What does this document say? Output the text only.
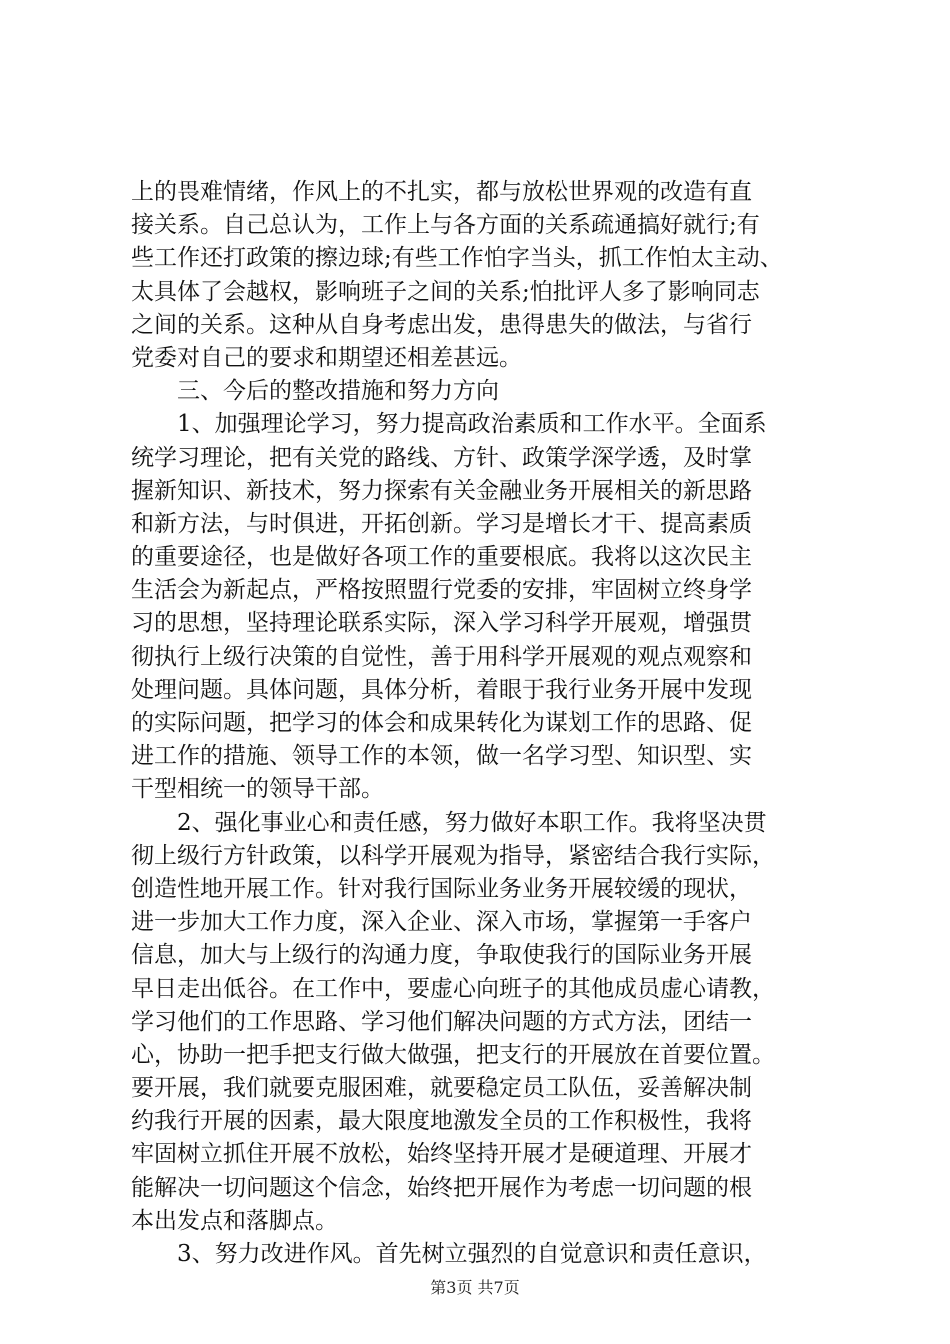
上的畏难情绪，作风上的不扎实，都与放松世界观的改造有直
接关系。自己总认为，工作上与各方面的关系疏通搞好就行;有
些工作还打政策的擦边球;有些工作怕字当头，抓工作怕太主动、
太具体了会越权，影响班子之间的关系;怕批评人多了影响同志
之间的关系。这种从自身考虑出发，患得患失的做法，与省行
党委对自己的要求和期望还相差甚远。
三、今后的整改措施和努力方向
1、加强理论学习，努力提高政治素质和工作水平。全面系
统学习理论，把有关党的路线、方针、政策学深学透，及时掌
握新知识、新技术，努力探索有关金融业务开展相关的新思路
和新方法，与时俱进，开拓创新。学习是增长才干、提高素质
的重要途径，也是做好各项工作的重要根底。我将以这次民主
生活会为新起点，严格按照盟行党委的安排，牢固树立终身学
习的思想，坚持理论联系实际，深入学习科学开展观，增强贯
彻执行上级行决策的自觉性，善于用科学开展观的观点观察和
处理问题。具体问题，具体分析，着眼于我行业务开展中发现
的实际问题，把学习的体会和成果转化为谋划工作的思路、促
进工作的措施、领导工作的本领，做一名学习型、知识型、实
干型相统一的领导干部。
2、强化事业心和责任感，努力做好本职工作。我将坚决贯
彻上级行方针政策，以科学开展观为指导，紧密结合我行实际，
创造性地开展工作。针对我行国际业务业务开展较缓的现状，
进一步加大工作力度，深入企业、深入市场，掌握第一手客户
信息，加大与上级行的沟通力度，争取使我行的国际业务开展
早日走出低谷。在工作中，要虚心向班子的其他成员虚心请教，
学习他们的工作思路、学习他们解决问题的方式方法，团结一
心，协助一把手把支行做大做强，把支行的开展放在首要位置。
要开展，我们就要克服困难，就要稳定员工队伍，妥善解决制
约我行开展的因素，最大限度地激发全员的工作积极性，我将
牢固树立抓住开展不放松，始终坚持开展才是硬道理、开展才
能解决一切问题这个信念，始终把开展作为考虑一切问题的根
本出发点和落脚点。
3、努力改进作风。首先树立强烈的自觉意识和责任意识，
第3页 共7页
